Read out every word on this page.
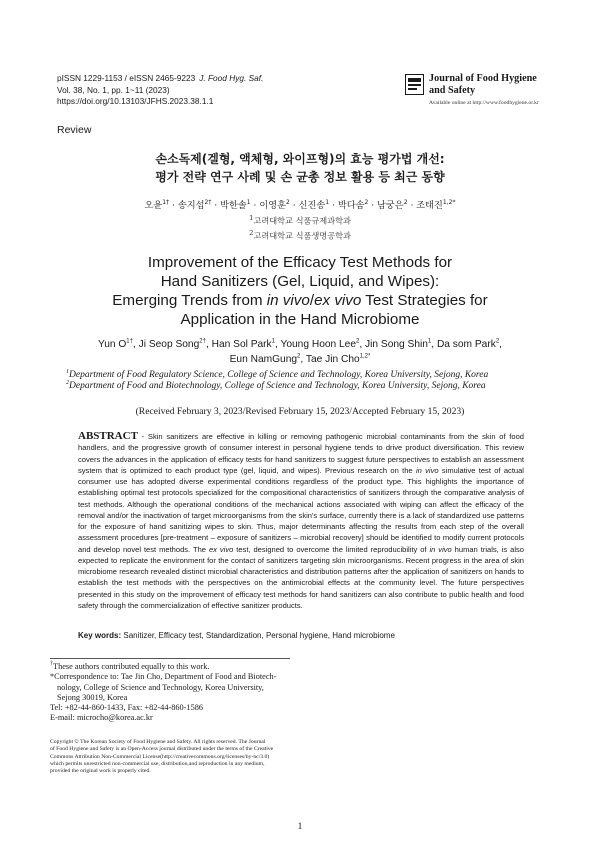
pISSN 1229-1153 / eISSN 2465-9223 J. Food Hyg. Saf.
Vol. 38, No. 1, pp. 1~11 (2023)
https://doi.org/10.13103/JFHS.2023.38.1.1
Journal of Food Hygiene
and Safety
Available online at http://www.foodhygiene.or.kr
Review
손소독제(겔형, 액체형, 와이프형)의 효능 평가법 개선:
평가 전략 연구 사례 및 손 균총 정보 활용 등 최근 동향
오윤$^{1\dagger}$ · 송지섭$^{2\dagger}$ · 박한솔$^1$ · 이영훈$^2$ · 신진송$^1$ · 박다솜$^2$ · 남궁은$^2$ · 조태진$^{1,2*}$
$^1$고려대학교 식품규제과학과
$^2$고려대학교 식품생명공학과
Improvement of the Efficacy Test Methods for
Hand Sanitizers (Gel, Liquid, and Wipes):
Emerging Trends from in vivo/ex vivo Test Strategies for
Application in the Hand Microbiome
Yun $O^{1\dagger}$, Ji Seop Song$^{2\dagger}$, Han Sol Park$^1$, Young Hoon Lee$^2$, Jin Song Shin$^1$, Da som Park$^2$,
Eun NamGung$^2$, Tae Jin Cho$^{1,2*}$
$^1$Department of Food Regulatory Science, College of Science and Technology, Korea University, Sejong, Korea
$^2$Department of Food and Biotechnology, College of Science and Technology, Korea University, Sejong, Korea
(Received February 3, 2023/Revised February 15, 2023/Accepted February 15, 2023)
ABSTRACT - Skin sanitizers are effective in killing or removing pathogenic microbial contaminants from the skin of food handlers, and the progressive growth of consumer interest in personal hygiene tends to drive product diversification. This review covers the advances in the application of efficacy tests for hand sanitizers to suggest future perspectives to establish an assessment system that is optimized to each product type (gel, liquid, and wipes). Previous research on the in vivo simulative test of actual consumer use has adopted diverse experimental conditions regardless of the product type. This highlights the importance of establishing optimal test protocols specialized for the compositional characteristics of sanitizers through the comparative analysis of test methods. Although the operational conditions of the mechanical actions associated with wiping can affect the efficacy of the removal and/or the inactivation of target microorganisms from the skin's surface, currently there is a lack of standardized use patterns for the exposure of hand sanitizing wipes to skin. Thus, major determinants affecting the results from each step of the overall assessment procedures [pre-treatment – exposure of sanitizers – microbial recovery] should be identified to modify current protocols and develop novel test methods. The ex vivo test, designed to overcome the limited reproducibility of in vivo human trials, is also expected to replicate the environment for the contact of sanitizers targeting skin microorganisms. Recent progress in the area of skin microbiome research revealed distinct microbial characteristics and distribution patterns after the application of sanitizers on hands to establish the test methods with the perspectives on the antimicrobial effects at the community level. The future perspectives presented in this study on the improvement of efficacy test methods for hand sanitizers can also contribute to public health and food safety through the commercialization of effective sanitizer products.
Key words: Sanitizer, Efficacy test, Standardization, Personal hygiene, Hand microbiome
†These authors contributed equally to this work.
*Correspondence to: Tae Jin Cho, Department of Food and Biotech-
nology, College of Science and Technology, Korea University,
Sejong 30019, Korea
Tel: +82-44-860-1433, Fax: +82-44-860-1586
E-mail: microcho@korea.ac.kr
Copyright © The Korean Society of Food Hygiene and Safety. All rights reserved. The Journal
of Food Hygiene and Safety is an Open-Access journal distributed under the terms of the Creative
Commons Attribution Non-Commercial License(http://creativecommons.org/licenses/by-nc/3.0)
which permits unrestricted non-commercial use, distribution,and reproduction in any medium,
provided the original work is properly cited.
1
